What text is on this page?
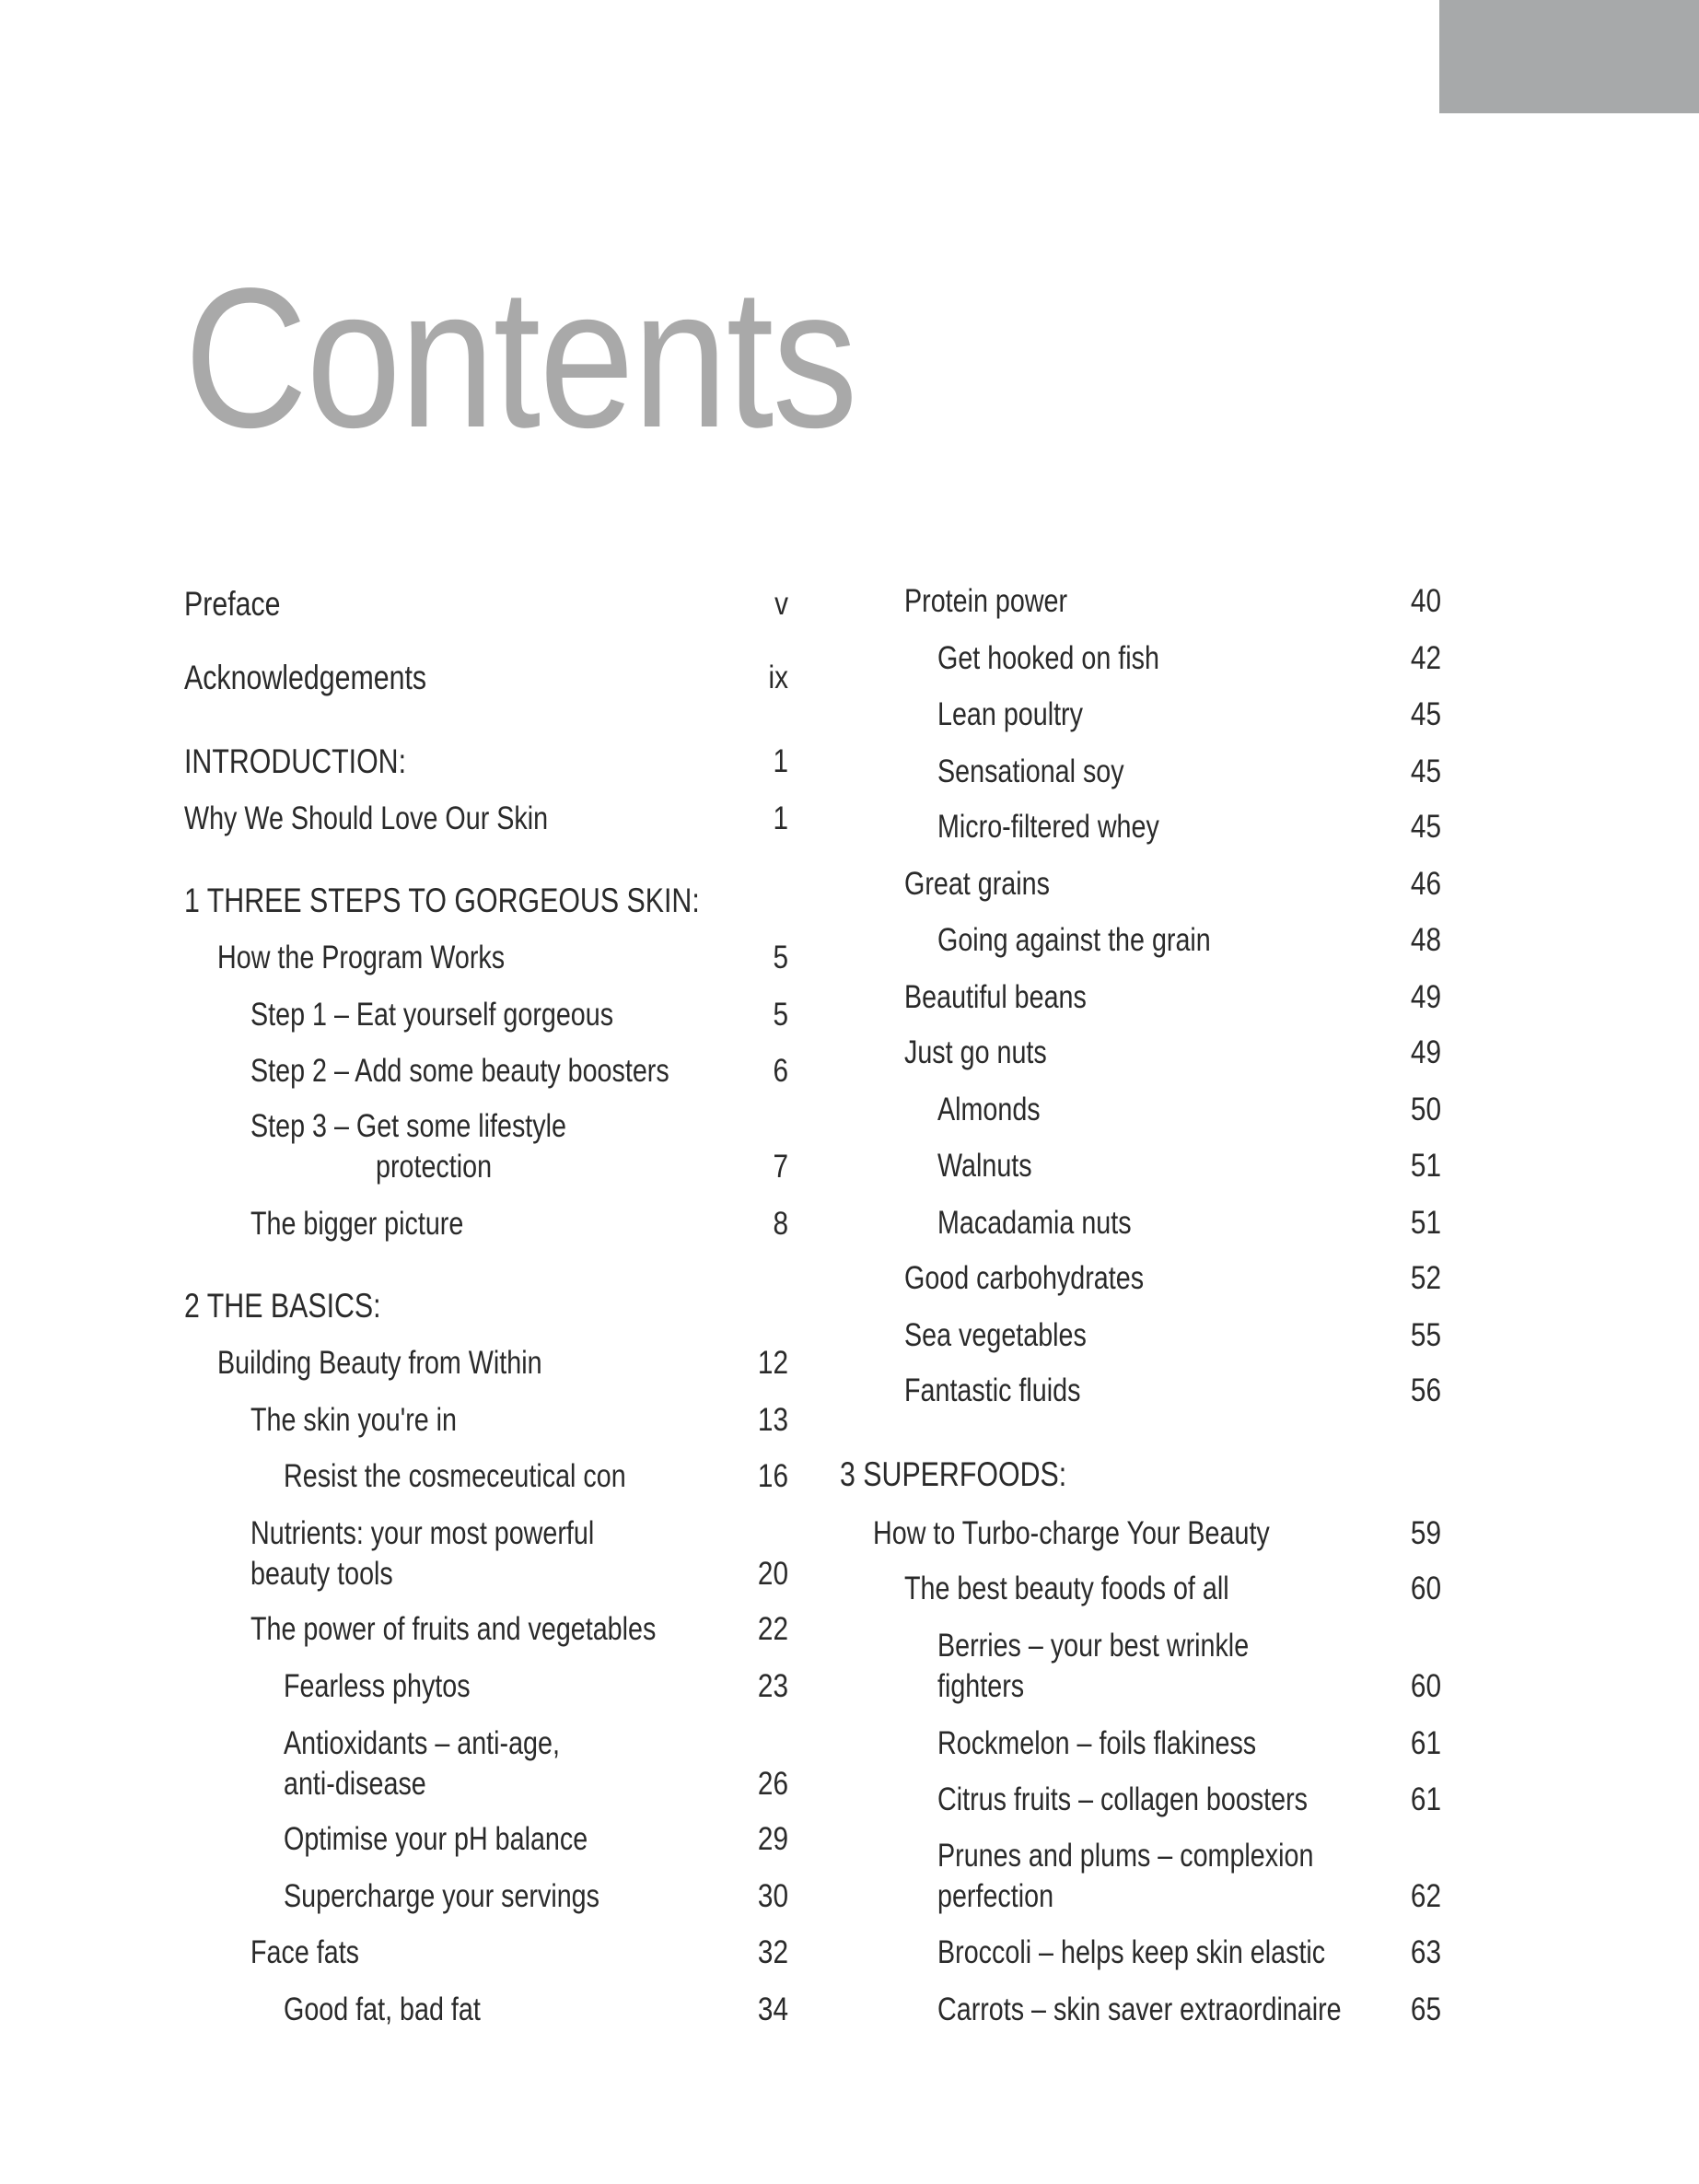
Contents
Preface	v
Acknowledgements	ix
INTRODUCTION:	1
Why We Should Love Our Skin	1
1 THREE STEPS TO GORGEOUS SKIN:
How the Program Works	5
Step 1 – Eat yourself gorgeous	5
Step 2 – Add some beauty boosters	6
Step 3 – Get some lifestyle
protection	7
The bigger picture	8
2 THE BASICS:
Building Beauty from Within	12
The skin you're in	13
Resist the cosmeceutical con	16
Nutrients: your most powerful
beauty tools	20
The power of fruits and vegetables	22
Fearless phytos	23
Antioxidants – anti-age,
anti-disease	26
Optimise your pH balance	29
Supercharge your servings	30
Face fats	32
Good fat, bad fat	34
Protein power	40
Get hooked on fish	42
Lean poultry	45
Sensational soy	45
Micro-filtered whey	45
Great grains	46
Going against the grain	48
Beautiful beans	49
Just go nuts	49
Almonds	50
Walnuts	51
Macadamia nuts	51
Good carbohydrates	52
Sea vegetables	55
Fantastic fluids	56
3 SUPERFOODS:
How to Turbo-charge Your Beauty	59
The best beauty foods of all	60
Berries – your best wrinkle
fighters	60
Rockmelon – foils flakiness	61
Citrus fruits – collagen boosters	61
Prunes and plums – complexion
perfection	62
Broccoli – helps keep skin elastic	63
Carrots – skin saver extraordinaire	65
